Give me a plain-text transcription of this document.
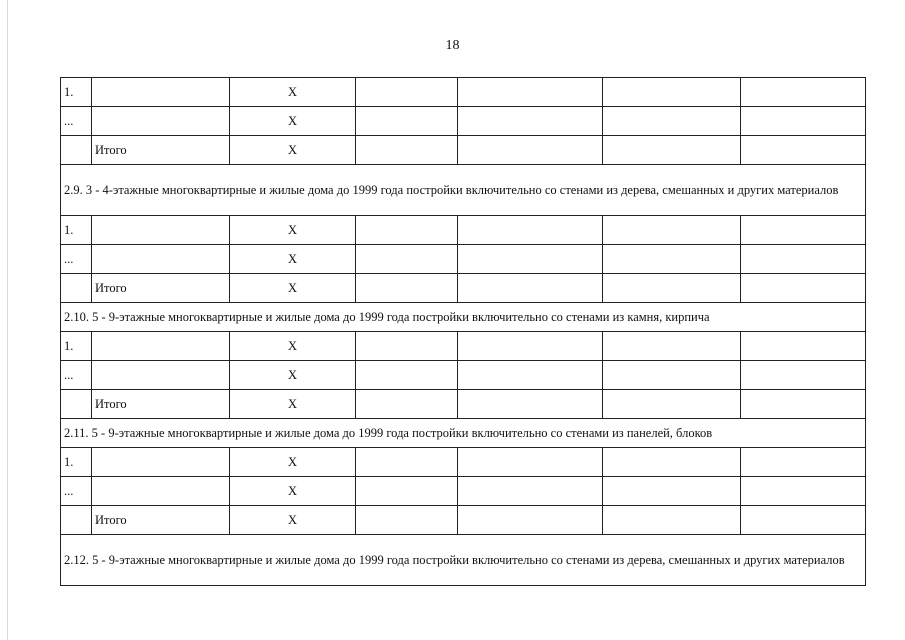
18
1.		X				
...		X				
	Итого	X				
2.9. 3 - 4-этажные многоквартирные и жилые дома до 1999 года постройки включительно со стенами из дерева, смешанных и других материалов						
1.		X				
...		X				
	Итого	X				
2.10. 5 - 9-этажные многоквартирные и жилые дома до 1999 года постройки включительно со стенами из камня, кирпича						
1.		X				
...		X				
	Итого	X				
2.11. 5 - 9-этажные многоквартирные и жилые дома до 1999 года постройки включительно со стенами из панелей, блоков						
1.		X				
...		X				
	Итого	X				
2.12. 5 - 9-этажные многоквартирные и жилые дома до 1999 года постройки включительно со стенами из дерева, смешанных и других материалов						
